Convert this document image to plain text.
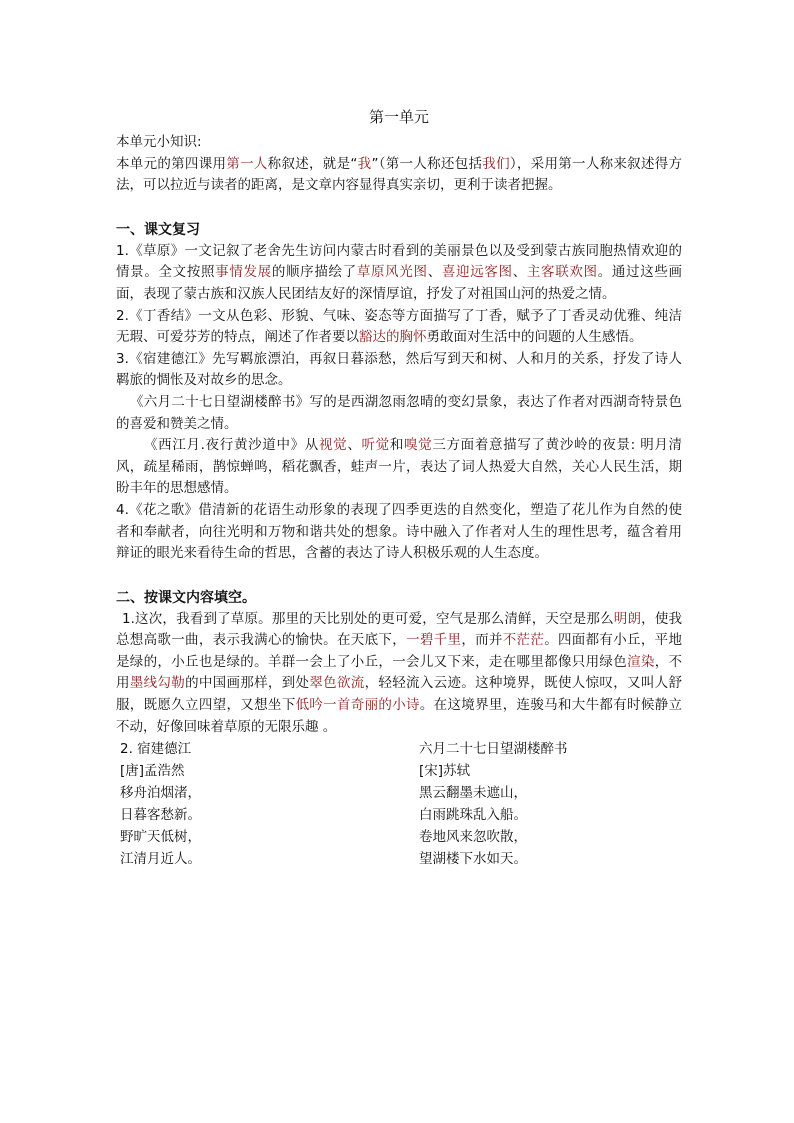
第一单元

本单元小知识:

本单元的第四课用第一人称叙述，就是“我”（第一人称还包括我们），采用第一人称来叙述得方法，可以拉近与读者的距离，是文章内容显得真实亲切，更利于读者把握。

一、课文复习

1.《草原》一文记叙了老舍先生访问内蒙古时看到的美丽景色以及受到蒙古族同胞热情欢迎的情景。全文按照事情发展的顺序描绘了草原风光图、喜迎远客图、主客联欢图。通过这些画面，表现了蒙古族和汉族人民团结友好的深情厚谊，抒发了对祖国山河的热爱之情。

2.《丁香结》一文从色彩、形貌、气味、姿态等方面描写了丁香，赋予了丁香灵动优雅、纯洁无瑕、可爱芬芳的特点，阐述了作者要以豁达的胸怀勇敢面对生活中的问题的人生感悟。

3.《宿建德江》先写羁旅漂泊，再叙日暮添愁，然后写到天和树、人和月的关系，抒发了诗人羁旅的惆怅及对故乡的思念。

《六月二十七日望湖楼醉书》写的是西湖忽雨忽晴的变幻景象，表达了作者对西湖奇特景色的喜爱和赞美之情。

《西江月.夜行黄沙道中》从视觉、听觉和嗅觉三方面着意描写了黄沙岭的夜景: 明月清风，疏星稀雨，鹊惊蝉鸣，稻花飘香，蛙声一片，表达了词人热爱大自然，关心人民生活，期盼丰年的思想感情。

4.《花之歌》借清新的花语生动形象的表现了四季更迭的自然变化，塑造了花儿作为自然的使者和奉献者，向往光明和万物和谐共处的想象。诗中融入了作者对人生的理性思考，蕴含着用辩证的眼光来看待生命的哲思，含蓄的表达了诗人积极乐观的人生态度。

二、按课文内容填空。

1.这次，我看到了草原。那里的天比别处的更可爱，空气是那么清鲜，天空是那么明朗，使我总想高歌一曲，表示我满心的愉快。在天底下，一碧千里，而并不茫茫。四面都有小丘，平地是绿的，小丘也是绿的。羊群一会上了小丘，一会儿又下来，走在哪里都像只用绿色渲染，不用墨线勾勒的中国画那样，到处翠色欲流，轻轻流入云迹。这种境界，既使人惊叹，又叫人舒服，既愿久立四望，又想坐下低吟一首奇丽的小诗。在这境界里，连骏马和大牛都有时候静立不动，好像回味着草原的无限乐趣 。

2. 宿建德江
[唐]孟浩然
移舟泊烟渚，
日暮客愁新。
野旷天低树，
江清月近人。
六月二十七日望湖楼醉书
[宋]苏轼
黑云翻墨未遮山，
白雨跳珠乱入船。
卷地风来忽吹散，
望湖楼下水如天。
